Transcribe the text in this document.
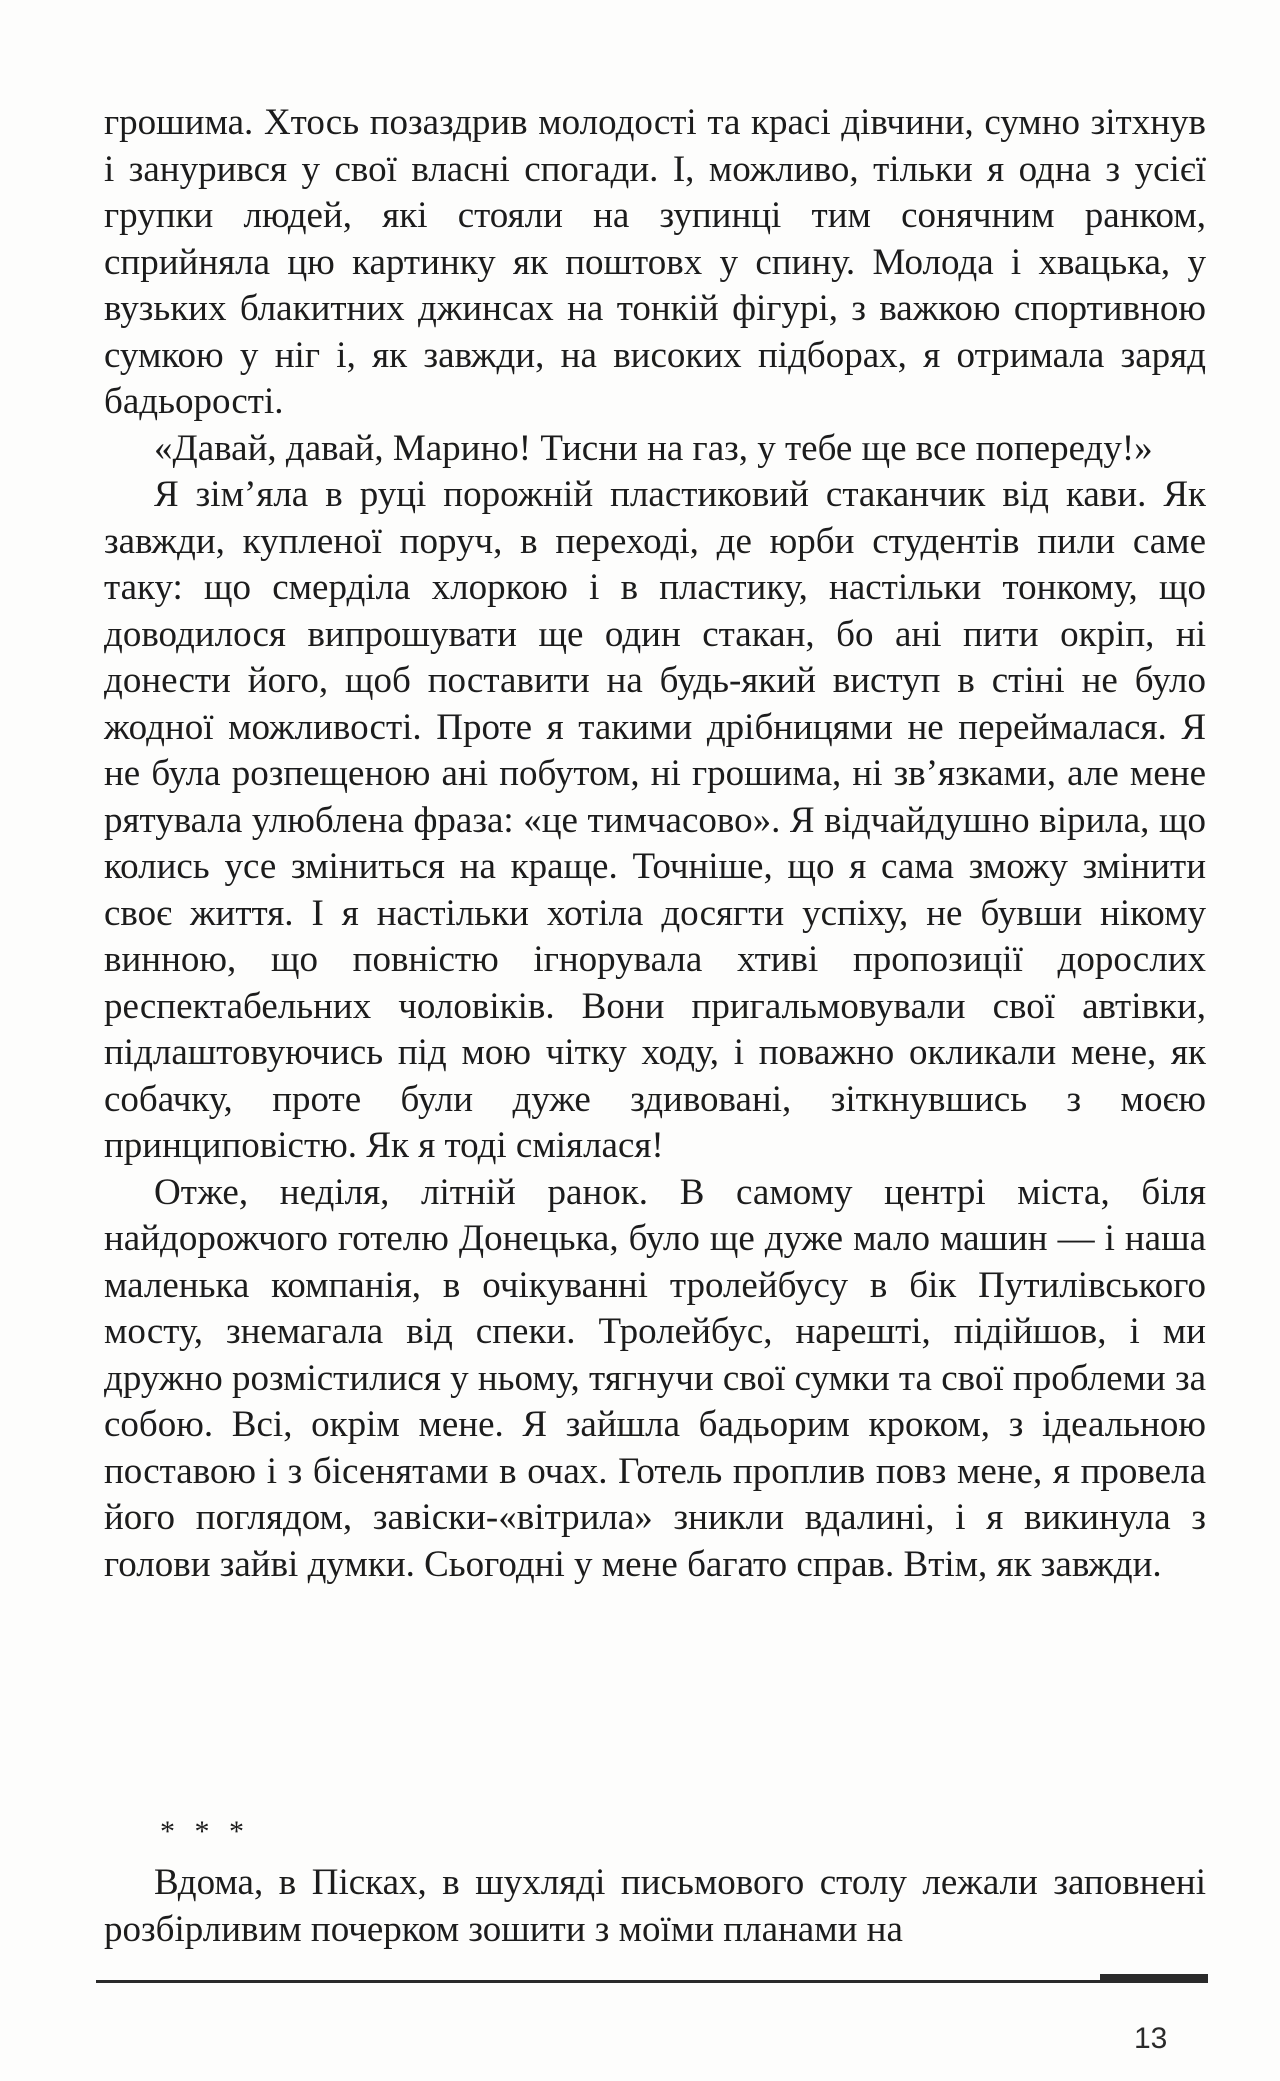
грошима. Хтось позаздрив молодості та красі дівчини, сумно зітхнув і занурився у свої власні спогади. І, можливо, тільки я одна з усієї групки людей, які стояли на зупинці тим сонячним ранком, сприйняла цю картинку як поштовх у спину. Молода і хвацька, у вузьких блакитних джинсах на тонкій фігурі, з важкою спортивною сумкою у ніг і, як завжди, на високих підборах, я отримала заряд бадьорості.

«Давай, давай, Марино! Тисни на газ, у тебе ще все попереду!»

Я зім’яла в руці порожній пластиковий стаканчик від кави. Як завжди, купленої поруч, в переході, де юрби студентів пили саме таку: що смерділа хлоркою і в пластику, настільки тонкому, що доводилося випрошувати ще один стакан, бо ані пити окріп, ні донести його, щоб поставити на будь-який виступ в стіні не було жодної можливості. Проте я такими дрібницями не переймалася. Я не була розпещеною ані побутом, ні грошима, ні зв’язками, але мене рятувала улюблена фраза: «це тимчасово». Я відчайдушно вірила, що колись усе зміниться на краще. Точніше, що я сама зможу змінити своє життя. І я настільки хотіла досягти успіху, не бувши нікому винною, що повністю ігнорувала хтиві пропозиції дорослих респектабельних чоловіків. Вони пригальмовували свої автівки, підлаштовуючись під мою чітку ходу, і поважно окликали мене, як собачку, проте були дуже здивовані, зіткнувшись з моєю принциповістю. Як я тоді сміялася!

Отже, неділя, літній ранок. В самому центрі міста, біля найдорожчого готелю Донецька, було ще дуже мало машин — і наша маленька компанія, в очікуванні тролейбусу в бік Путилівського мосту, знемагала від спеки. Тролейбус, нарешті, підійшов, і ми дружно розмістилися у ньому, тягнучи свої сумки та свої проблеми за собою. Всі, окрім мене. Я зайшла бадьорим кроком, з ідеальною поставою і з бісенятами в очах. Готель проплив повз мене, я провела його поглядом, завіски-«вітрила» зникли вдалині, і я викинула з голови зайві думки. Сьогодні у мене багато справ. Втім, як завжди.

* * *

Вдома, в Пісках, в шухляді письмового столу лежали заповнені розбірливим почерком зошити з моїми планами на

13
